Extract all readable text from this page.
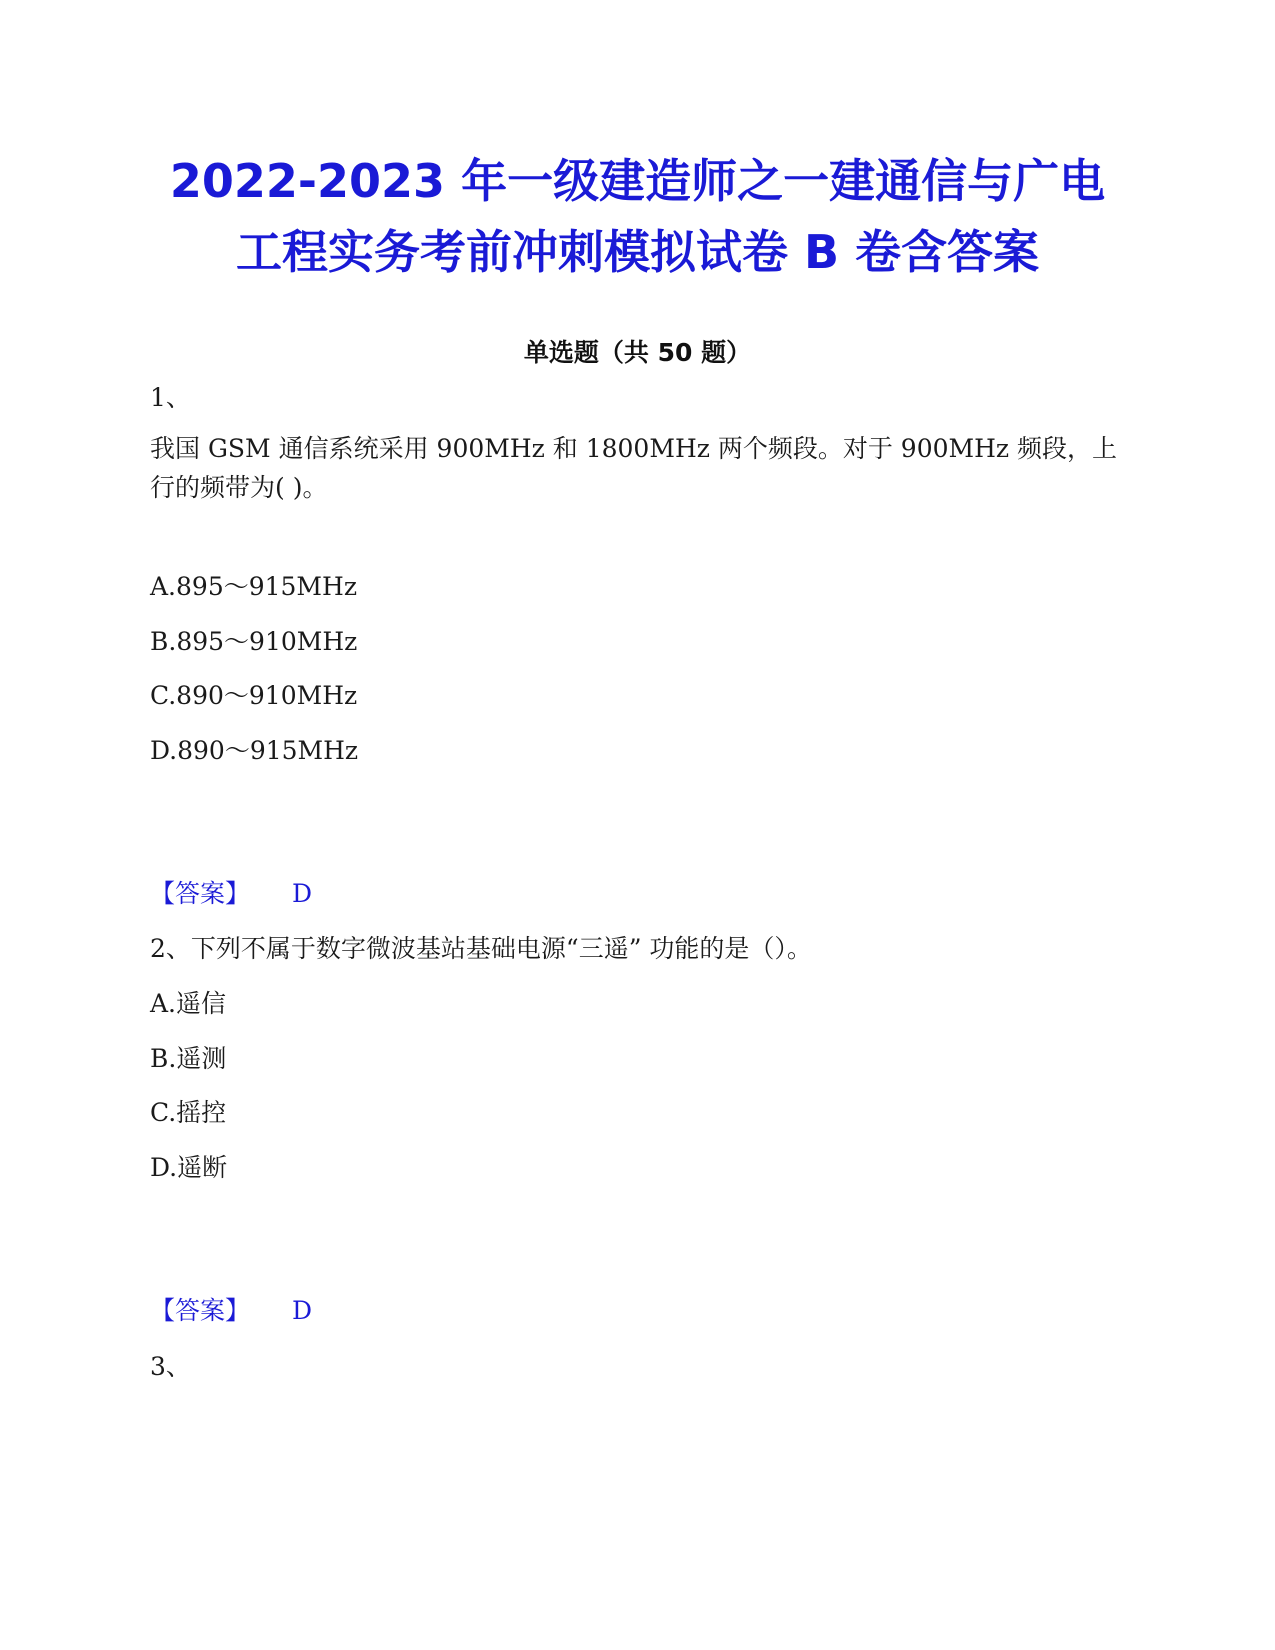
2022-2023 年一级建造师之一建通信与广电
工程实务考前冲刺模拟试卷 B 卷含答案
单选题（共 50 题）
1、
我国 GSM 通信系统采用 900MHz 和 1800MHz 两个频段。对于 900MHz 频段，上
行的频带为( )。
A.895～915MHz
B.895～910MHz
C.890～910MHz
D.890～915MHz
【答案】 D
2、下列不属于数字微波基站基础电源“三遥” 功能的是（）。
A.遥信
B.遥测
C.摇控
D.遥断
【答案】 D
3、
